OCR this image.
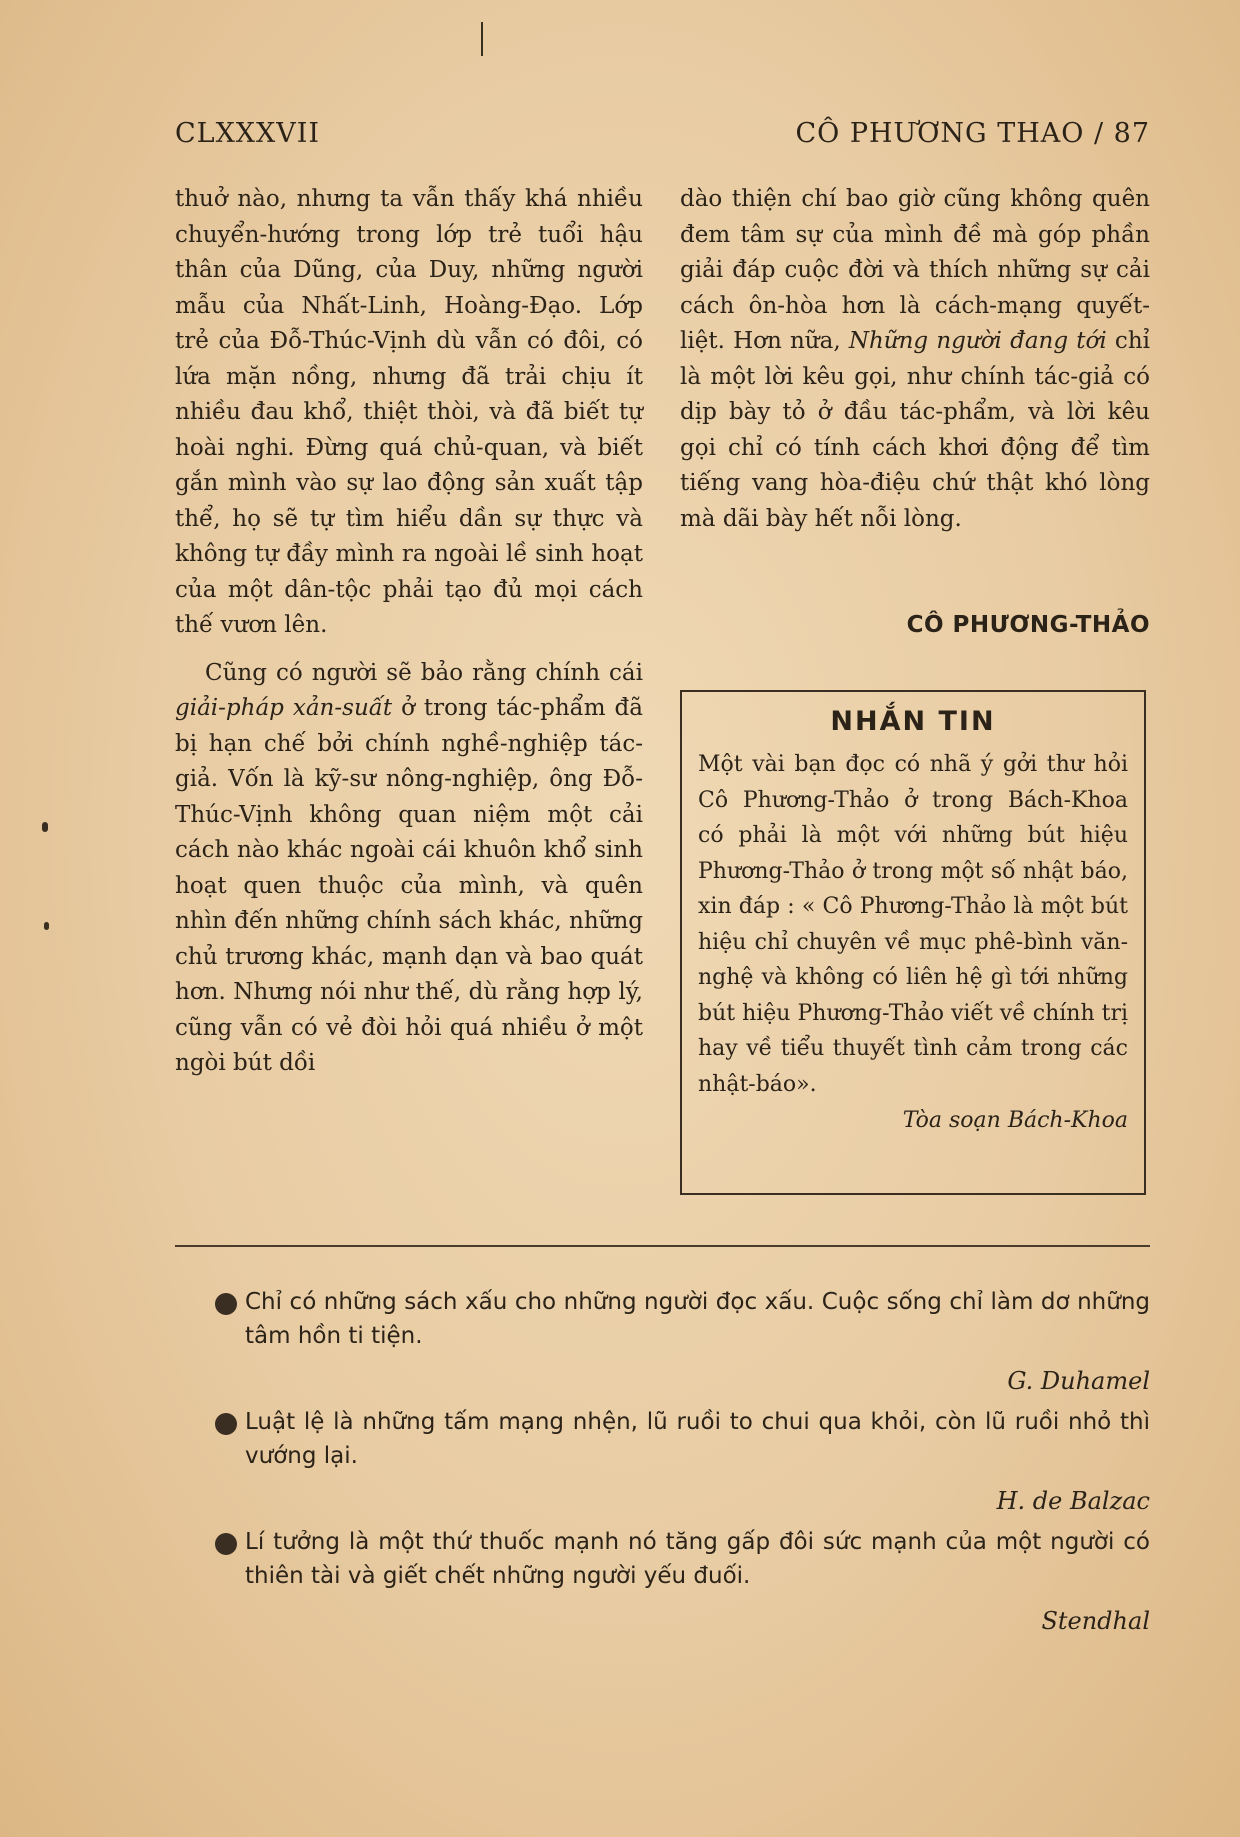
CLXXXVII	CÔ PHƯƠNG THAO / 87

thuở nào, nhưng ta vẫn thấy khá nhiều chuyển-hướng trong lớp trẻ tuổi hậu thân của Dũng, của Duy, những người mẫu của Nhất-Linh, Hoàng-Đạo. Lớp trẻ của Đỗ-Thúc-Vịnh dù vẫn có đôi, có lứa mặn nồng, nhưng đã trải chịu ít nhiều đau khổ, thiệt thòi, và đã biết tự hoài nghi. Đừng quá chủ-quan, và biết gắn mình vào sự lao động sản xuất tập thể, họ sẽ tự tìm hiểu dần sự thực và không tự đầy mình ra ngoài lề sinh hoạt của một dân-tộc phải tạo đủ mọi cách thế vươn lên.

Cũng có người sẽ bảo rằng chính cái giải-pháp xản-suất ở trong tác-phẩm đã bị hạn chế bởi chính nghề-nghiệp tác-giả. Vốn là kỹ-sư nông-nghiệp, ông Đỗ-Thúc-Vịnh không quan niệm một cải cách nào khác ngoài cái khuôn khổ sinh hoạt quen thuộc của mình, và quên nhìn đến những chính sách khác, những chủ trương khác, mạnh dạn và bao quát hơn. Nhưng nói như thế, dù rằng hợp lý, cũng vẫn có vẻ đòi hỏi quá nhiều ở một ngòi bút dồi

dào thiện chí bao giờ cũng không quên đem tâm sự của mình đề mà góp phần giải đáp cuộc đời và thích những sự cải cách ôn-hòa hơn là cách-mạng quyết-liệt. Hơn nữa, Những người đang tới chỉ là một lời kêu gọi, như chính tác-giả có dịp bày tỏ ở đầu tác-phẩm, và lời kêu gọi chỉ có tính cách khơi động để tìm tiếng vang hòa-điệu chứ thật khó lòng mà dãi bày hết nỗi lòng.

CÔ PHƯƠNG-THẢO

NHẮN TIN

Một vài bạn đọc có nhã ý gởi thư hỏi Cô Phương-Thảo ở trong Bách-Khoa có phải là một với những bút hiệu Phương-Thảo ở trong một số nhật báo, xin đáp : « Cô Phương-Thảo là một bút hiệu chỉ chuyên về mục phê-bình văn-nghệ và không có liên hệ gì tới những bút hiệu Phương-Thảo viết về chính trị hay về tiểu thuyết tình cảm trong các nhật-báo».

Tòa soạn Bách-Khoa

Chỉ có những sách xấu cho những người đọc xấu. Cuộc sống chỉ làm dơ những tâm hồn ti tiện.

G. Duhamel

Luật lệ là những tấm mạng nhện, lũ ruồi to chui qua khỏi, còn lũ ruồi nhỏ thì vướng lại.

H. de Balzac

Lí tưởng là một thứ thuốc mạnh nó tăng gấp đôi sức mạnh của một người có thiên tài và giết chết những người yếu đuối.

Stendhal
